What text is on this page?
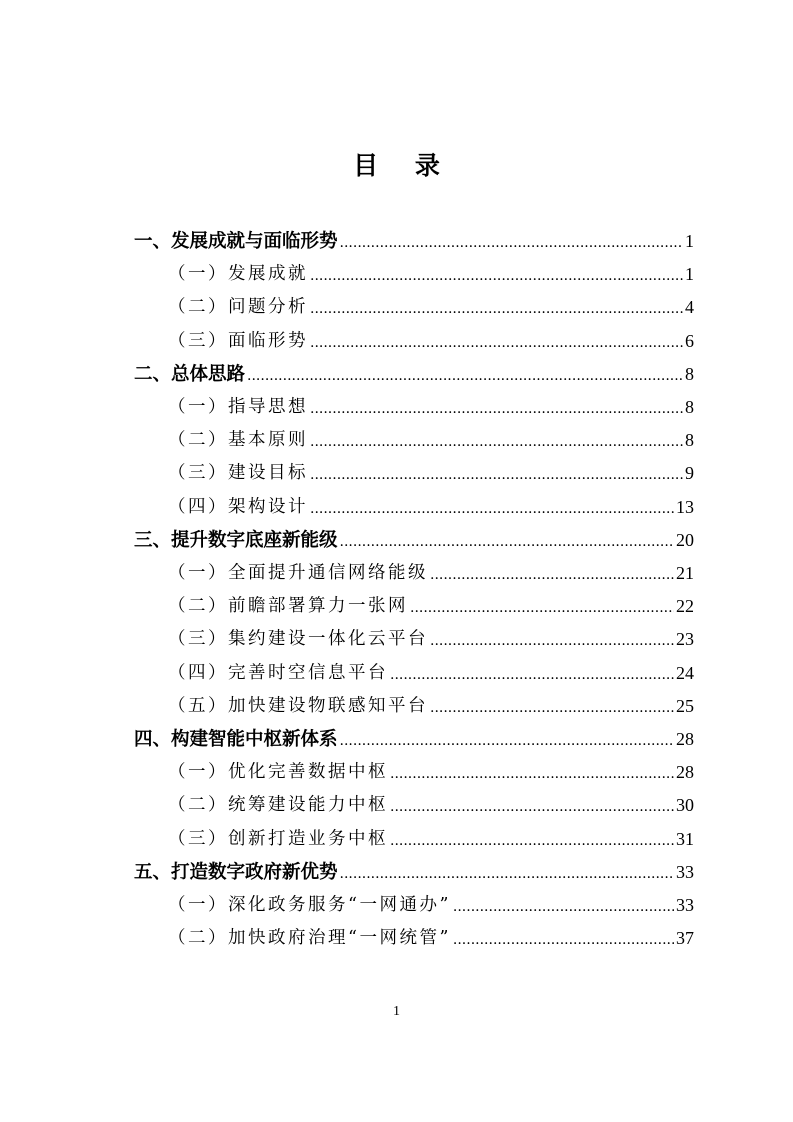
目 录
一、发展成就与面临形势 .....	1
（一）发展成就 .....	1
（二）问题分析 .....	4
（三）面临形势 .....	6
二、总体思路 .....	8
（一）指导思想 .....	8
（二）基本原则 .....	8
（三）建设目标 .....	9
（四）架构设计 .....	13
三、提升数字底座新能级 .....	20
（一）全面提升通信网络能级 .....	21
（二）前瞻部署算力一张网 .....	22
（三）集约建设一体化云平台 .....	23
（四）完善时空信息平台 .....	24
（五）加快建设物联感知平台 .....	25
四、构建智能中枢新体系 .....	28
（一）优化完善数据中枢 .....	28
（二）统筹建设能力中枢 .....	30
（三）创新打造业务中枢 .....	31
五、打造数字政府新优势 .....	33
（一）深化政务服务“一网通办” .....	33
（二）加快政府治理“一网统管” .....	37
1
